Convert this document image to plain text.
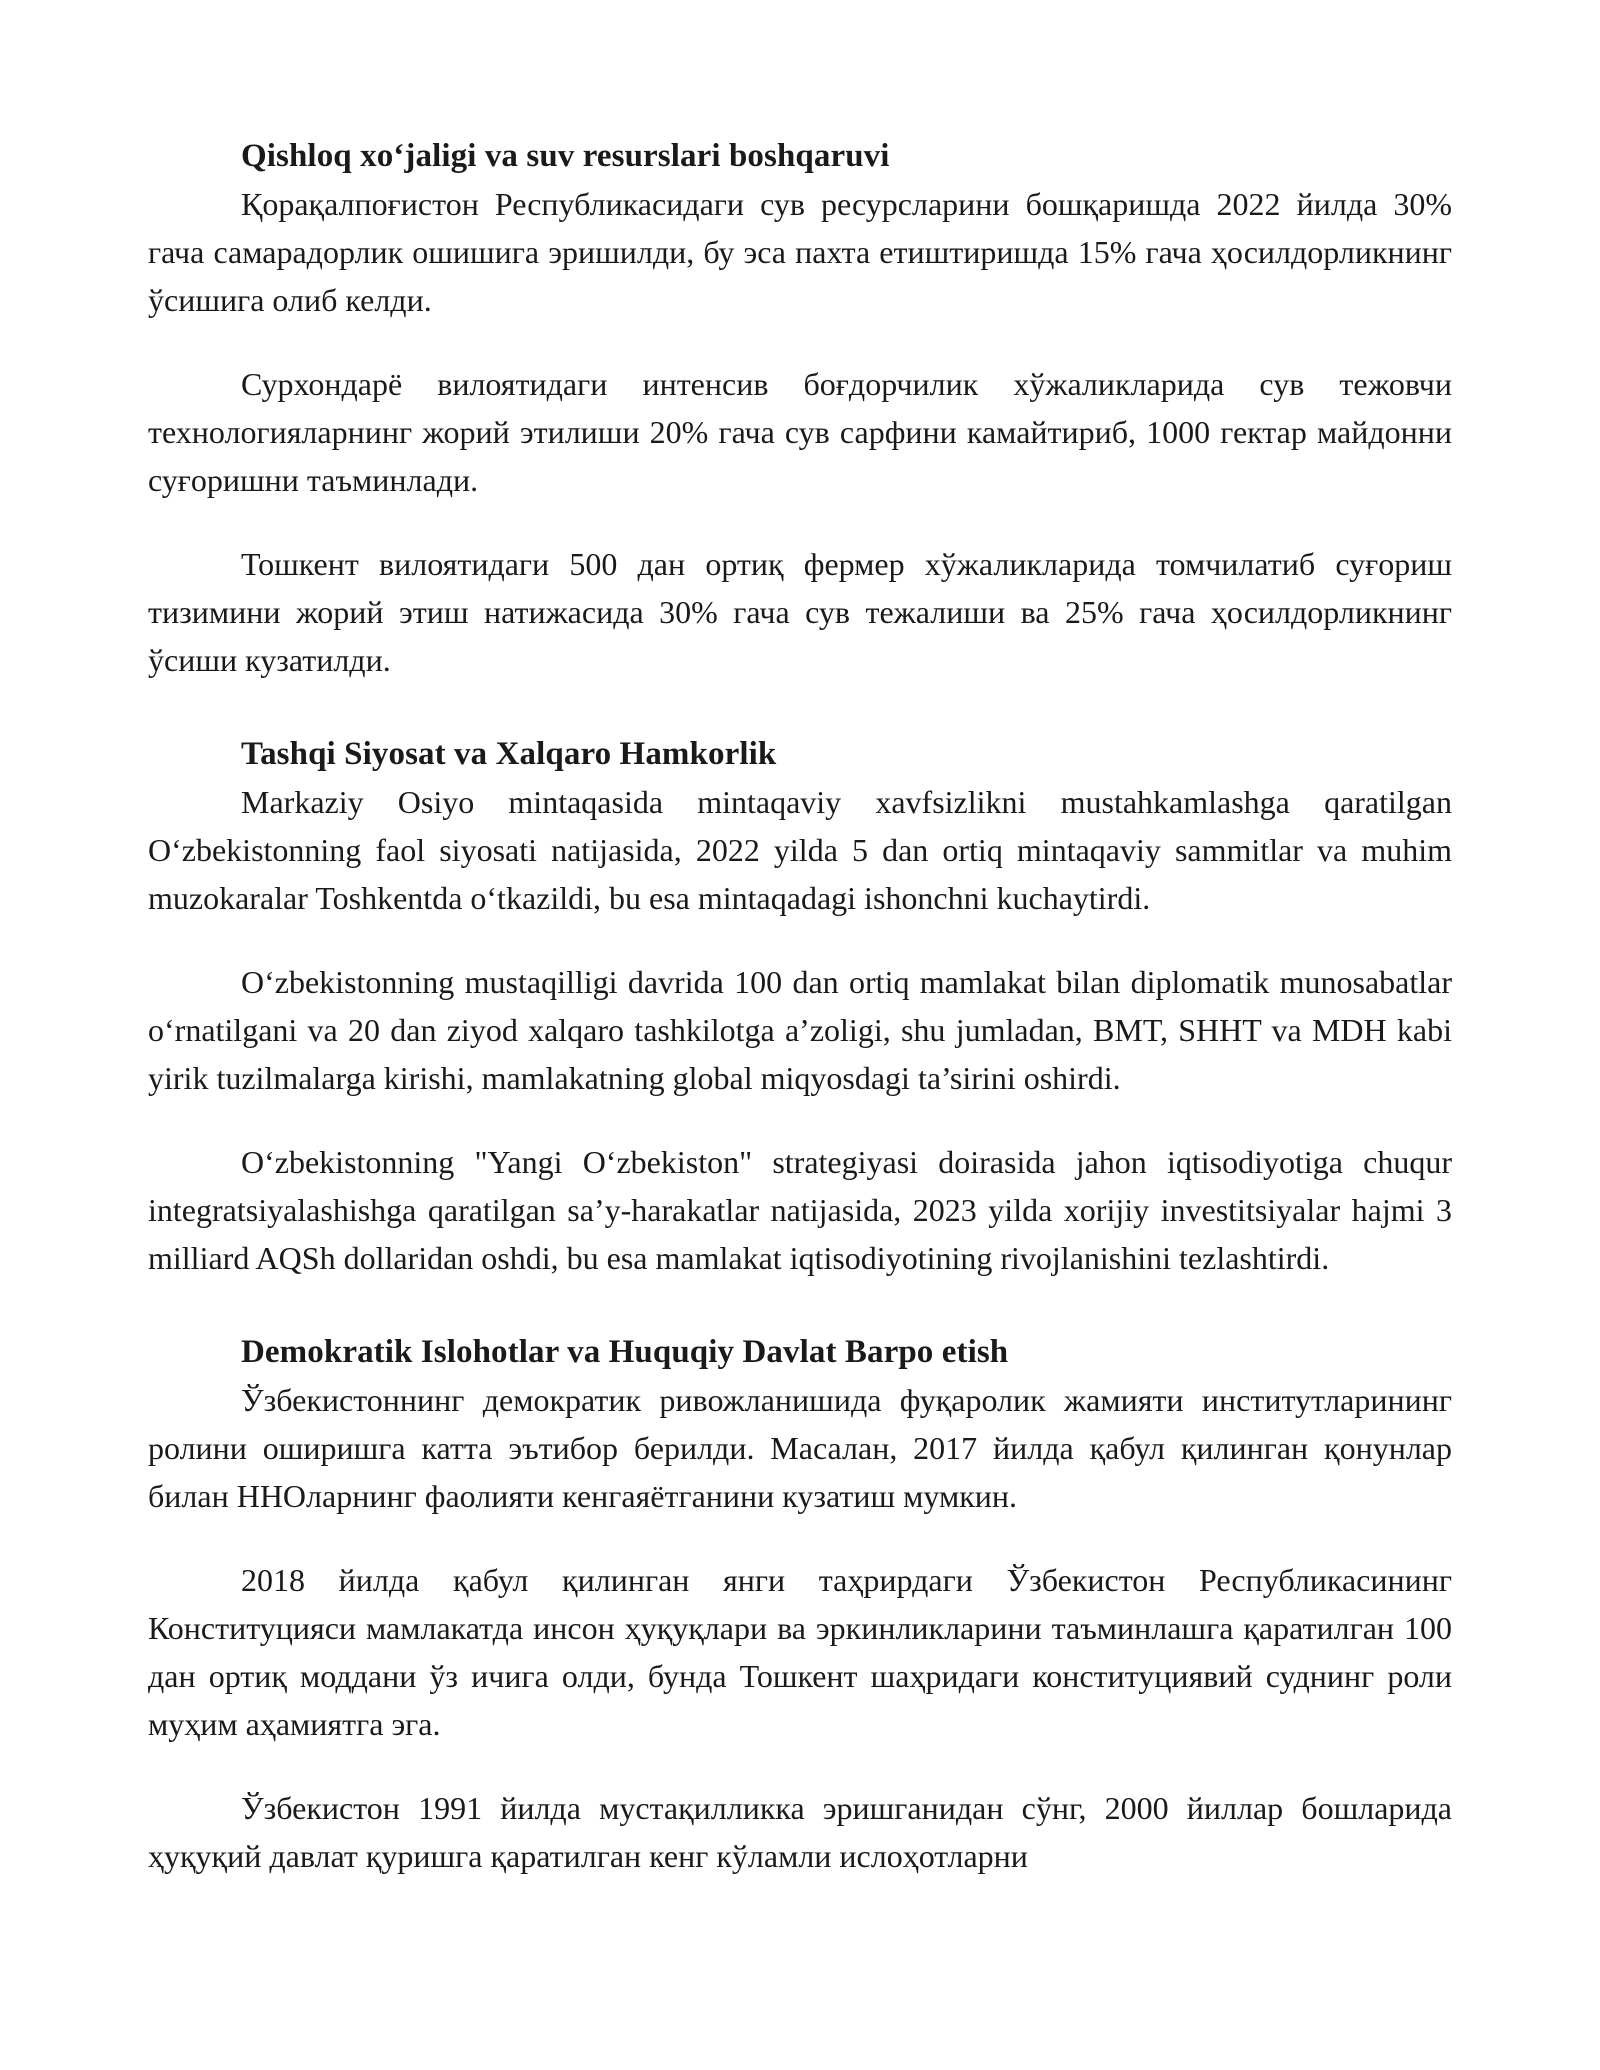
Qishloq xo‘jaligi va suv resurslari boshqaruvi

Қорақалпоғистон Республикасидаги сув ресурсларини бошқаришда 2022 йилда 30% гача самарадорлик ошишига эришилди, бу эса пахта етиштиришда 15% гача ҳосилдорликнинг ўсишига олиб келди.

Сурхондарё вилоятидаги интенсив боғдорчилик хўжаликларида сув тежовчи технологияларнинг жорий этилиши 20% гача сув сарфини камайтириб, 1000 гектар майдонни суғоришни таъминлади.

Тошкент вилоятидаги 500 дан ортиқ фермер хўжаликларида томчилатиб суғориш тизимини жорий этиш натижасида 30% гача сув тежалиши ва 25% гача ҳосилдорликнинг ўсиши кузатилди.

Tashqi Siyosat va Xalqaro Hamkorlik

Markaziy Osiyo mintaqasida mintaqaviy xavfsizlikni mustahkamlashga qaratilgan O‘zbekistonning faol siyosati natijasida, 2022 yilda 5 dan ortiq mintaqaviy sammitlar va muhim muzokaralar Toshkentda o‘tkazildi, bu esa mintaqadagi ishonchni kuchaytirdi.

O‘zbekistonning mustaqilligi davrida 100 dan ortiq mamlakat bilan diplomatik munosabatlar o‘rnatilgani va 20 dan ziyod xalqaro tashkilotga a’zoligi, shu jumladan, BMT, SHHT va MDH kabi yirik tuzilmalarga kirishi, mamlakatning global miqyosdagi ta’sirini oshirdi.

O‘zbekistonning "Yangi O‘zbekiston" strategiyasi doirasida jahon iqtisodiyotiga chuqur integratsiyalashishga qaratilgan sa’y-harakatlar natijasida, 2023 yilda xorijiy investitsiyalar hajmi 3 milliard AQSh dollaridan oshdi, bu esa mamlakat iqtisodiyotining rivojlanishini tezlashtirdi.

Demokratik Islohotlar va Huquqiy Davlat Barpo etish

Ўзбекистоннинг демократик ривожланишида фуқаролик жамияти институтларининг ролини оширишга катта эътибор берилди. Масалан, 2017 йилда қабул қилинган қонунлар билан ННОларнинг фаолияти кенгаяётганини кузатиш мумкин.

2018 йилда қабул қилинган янги таҳрирдаги Ўзбекистон Республикасининг Конституцияси мамлакатда инсон ҳуқуқлари ва эркинликларини таъминлашга қаратилган 100 дан ортиқ моддани ўз ичига олди, бунда Тошкент шаҳридаги конституциявий суднинг роли муҳим аҳамиятга эга.

Ўзбекистон 1991 йилда мустақилликка эришганидан сўнг, 2000 йиллар бошларида ҳуқуқий давлат қуришга қаратилган кенг кўламли ислоҳотларни
